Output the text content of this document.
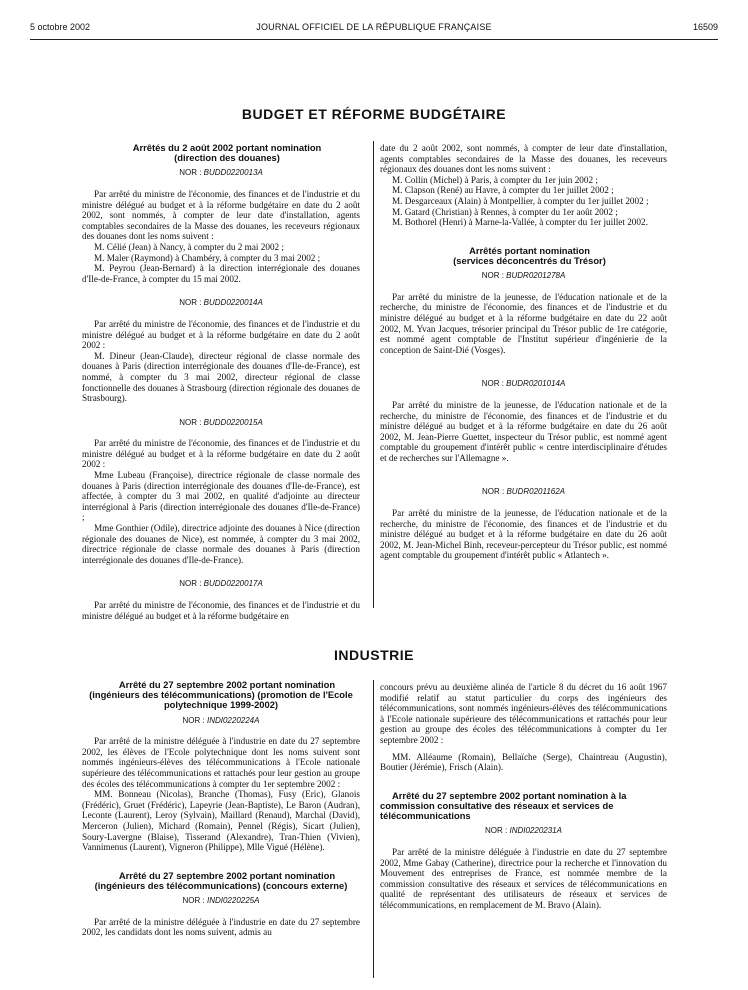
5 octobre 2002	JOURNAL OFFICIEL DE LA RÉPUBLIQUE FRANÇAISE	16509
BUDGET ET RÉFORME BUDGÉTAIRE

Arrêtés du 2 août 2002 portant nomination

(direction des douanes)

NOR : BUDD0220013A

Par arrêté du ministre de l'économie, des finances et de l'industrie et du ministre délégué au budget et à la réforme budgétaire en date du 2 août 2002, sont nommés, à compter de leur date d'installation, agents comptables secondaires de la Masse des douanes, les receveurs régionaux des douanes dont les noms suivent :

M. Célié (Jean) à Nancy, à compter du 2 mai 2002 ;

M. Maler (Raymond) à Chambéry, à compter du 3 mai 2002 ;

M. Peyrou (Jean-Bernard) à la direction interrégionale des douanes d'Ile-de-France, à compter du 15 mai 2002.

NOR : BUDD0220014A

Par arrêté du ministre de l'économie, des finances et de l'industrie et du ministre délégué au budget et à la réforme budgétaire en date du 2 août 2002 :

M. Dineur (Jean-Claude), directeur régional de classe normale des douanes à Paris (direction interrégionale des douanes d'Ile-de-France), est nommé, à compter du 3 mai 2002, directeur régional de classe fonctionnelle des douanes à Strasbourg (direction régionale des douanes de Strasbourg).

NOR : BUDD0220015A

Par arrêté du ministre de l'économie, des finances et de l'industrie et du ministre délégué au budget et à la réforme budgétaire en date du 2 août 2002 :

Mme Lubeau (Françoise), directrice régionale de classe normale des douanes à Paris (direction interrégionale des douanes d'Ile-de-France), est affectée, à compter du 3 mai 2002, en qualité d'adjointe au directeur interrégional à Paris (direction interrégionale des douanes d'Ile-de-France) ;

Mme Gonthier (Odile), directrice adjointe des douanes à Nice (direction régionale des douanes de Nice), est nommée, à compter du 3 mai 2002, directrice régionale de classe normale des douanes à Paris (direction interrégionale des douanes d'Ile-de-France).

NOR : BUDD0220017A

Par arrêté du ministre de l'économie, des finances et de l'industrie et du ministre délégué au budget et à la réforme budgétaire en

date du 2 août 2002, sont nommés, à compter de leur date d'installation, agents comptables secondaires de la Masse des douanes, les receveurs régionaux des douanes dont les noms suivent :

M. Collin (Michel) à Paris, à compter du 1er juin 2002 ;

M. Clapson (René) au Havre, à compter du 1er juillet 2002 ;

M. Desgarceaux (Alain) à Montpellier, à compter du 1er juillet 2002 ;

M. Gatard (Christian) à Rennes, à compter du 1er août 2002 ;

M. Bothorel (Henri) à Marne-la-Vallée, à compter du 1er juillet 2002.

Arrêtés portant nomination

(services déconcentrés du Trésor)

NOR : BUDR0201278A

Par arrêté du ministre de la jeunesse, de l'éducation nationale et de la recherche, du ministre de l'économie, des finances et de l'industrie et du ministre délégué au budget et à la réforme budgétaire en date du 22 août 2002, M. Yvan Jacques, trésorier principal du Trésor public de 1re catégorie, est nommé agent comptable de l'Institut supérieur d'ingénierie de la conception de Saint-Dié (Vosges).

NOR : BUDR0201014A

Par arrêté du ministre de la jeunesse, de l'éducation nationale et de la recherche, du ministre de l'économie, des finances et de l'industrie et du ministre délégué au budget et à la réforme budgétaire en date du 26 août 2002, M. Jean-Pierre Guettet, inspecteur du Trésor public, est nommé agent comptable du groupement d'intérêt public « centre interdisciplinaire d'études et de recherches sur l'Allemagne ».

NOR : BUDR0201162A

Par arrêté du ministre de la jeunesse, de l'éducation nationale et de la recherche, du ministre de l'économie, des finances et de l'industrie et du ministre délégué au budget et à la réforme budgétaire en date du 26 août 2002, M. Jean-Michel Binh, receveur-percepteur du Trésor public, est nommé agent comptable du groupement d'intérêt public « Atlantech ».

INDUSTRIE

Arrêté du 27 septembre 2002 portant nomination (ingénieurs des télécommunications) (promotion de l'Ecole polytechnique 1999-2002)

NOR : INDI0220224A

Par arrêté de la ministre déléguée à l'industrie en date du 27 septembre 2002, les élèves de l'Ecole polytechnique dont les noms suivent sont nommés ingénieurs-élèves des télécommunications à l'Ecole nationale supérieure des télécommunications et rattachés pour leur gestion au groupe des écoles des télécommunications à compter du 1er septembre 2002 :

MM. Bonneau (Nicolas), Branche (Thomas), Fusy (Eric), Glanois (Frédéric), Gruet (Frédéric), Lapeyrie (Jean-Baptiste), Le Baron (Audran), Leconte (Laurent), Leroy (Sylvain), Maillard (Renaud), Marchal (David), Merceron (Julien), Michard (Romain), Pennel (Régis), Sicart (Julien), Soury-Lavergne (Blaise), Tisserand (Alexandre), Tran-Thien (Vivien), Vannimenus (Laurent), Vigneron (Philippe), Mlle Vigué (Hélène).

Arrêté du 27 septembre 2002 portant nomination (ingénieurs des télécommunications) (concours externe)

NOR : INDI0220225A

Par arrêté de la ministre déléguée à l'industrie en date du 27 septembre 2002, les candidats dont les noms suivent, admis au

concours prévu au deuxième alinéa de l'article 8 du décret du 16 août 1967 modifié relatif au statut particulier du corps des ingénieurs des télécommunications, sont nommés ingénieurs-élèves des télécommunications à l'Ecole nationale supérieure des télécommunications et rattachés pour leur gestion au groupe des écoles des télécommunications à compter du 1er septembre 2002 :

MM. Alléaume (Romain), Bellaïche (Serge), Chaintreau (Augustin), Boutier (Jérémie), Frisch (Alain).

Arrêté du 27 septembre 2002 portant nomination à la commission consultative des réseaux et services de télécommunications

NOR : INDI0220231A

Par arrêté de la ministre déléguée à l'industrie en date du 27 septembre 2002, Mme Gabay (Catherine), directrice pour la recherche et l'innovation du Mouvement des entreprises de France, est nommée membre de la commission consultative des réseaux et services de télécommunications en qualité de représentant des utilisateurs de réseaux et services de télécommunications, en remplacement de M. Bravo (Alain).
